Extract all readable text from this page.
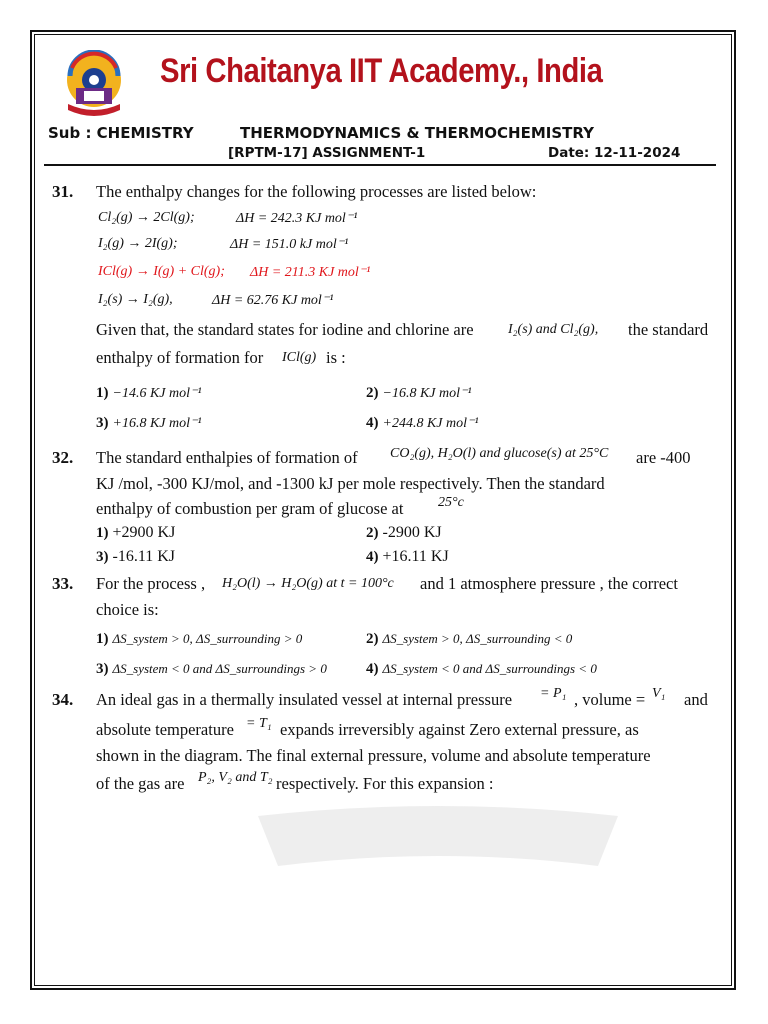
Sri Chaitanya IIT Academy., India
Sub : CHEMISTRY	THERMODYNAMICS & THERMOCHEMISTRY
[RPTM-17] ASSIGNMENT-1	Date: 12-11-2024
31. The enthalpy changes for the following processes are listed below:
Cl₂(g) → 2Cl(g);	ΔH = 242.3 KJ mol⁻¹
I₂(g) → 2I(g);	ΔH = 151.0 kJ mol⁻¹
ICl(g) → I(g) + Cl(g); ΔH = 211.3 KJ mol⁻¹
I₂(s) → I₂(g),	ΔH = 62.76 KJ mol⁻¹
Given that, the standard states for iodine and chlorine are I₂(s) and Cl₂(g), the standard
enthalpy of formation for ICl(g) is :
1) −14.6 KJ mol⁻¹	2) −16.8 KJ mol⁻¹
3) +16.8 KJ mol⁻¹	4) +244.8 KJ mol⁻¹
32. The standard enthalpies of formation of CO₂(g), H₂O(l) and glucose(s) at 25°C are -400
KJ /mol, -300 KJ/mol, and -1300 kJ per mole respectively. Then the standard
enthalpy of combustion per gram of glucose at 25°c
1) +2900 KJ	2) -2900 KJ
3) -16.11 KJ	4) +16.11 KJ
33. For the process , H₂O(l) → H₂O(g) at t = 100°c and 1 atmosphere pressure , the correct
choice is:
1) ΔS_system > 0, ΔS_surrounding > 0	2) ΔS_system > 0, ΔS_surrounding < 0
3) ΔS_system < 0 and ΔS_surroundings > 0	4) ΔS_system < 0 and ΔS_surroundings < 0
34. An ideal gas in a thermally insulated vessel at internal pressure = P₁ , volume = V₁ and
absolute temperature = T₁ expands irreversibly against Zero external pressure, as
shown in the diagram. The final external pressure, volume and absolute temperature
of the gas are P₂, V₂ and T₂ respectively. For this expansion :
